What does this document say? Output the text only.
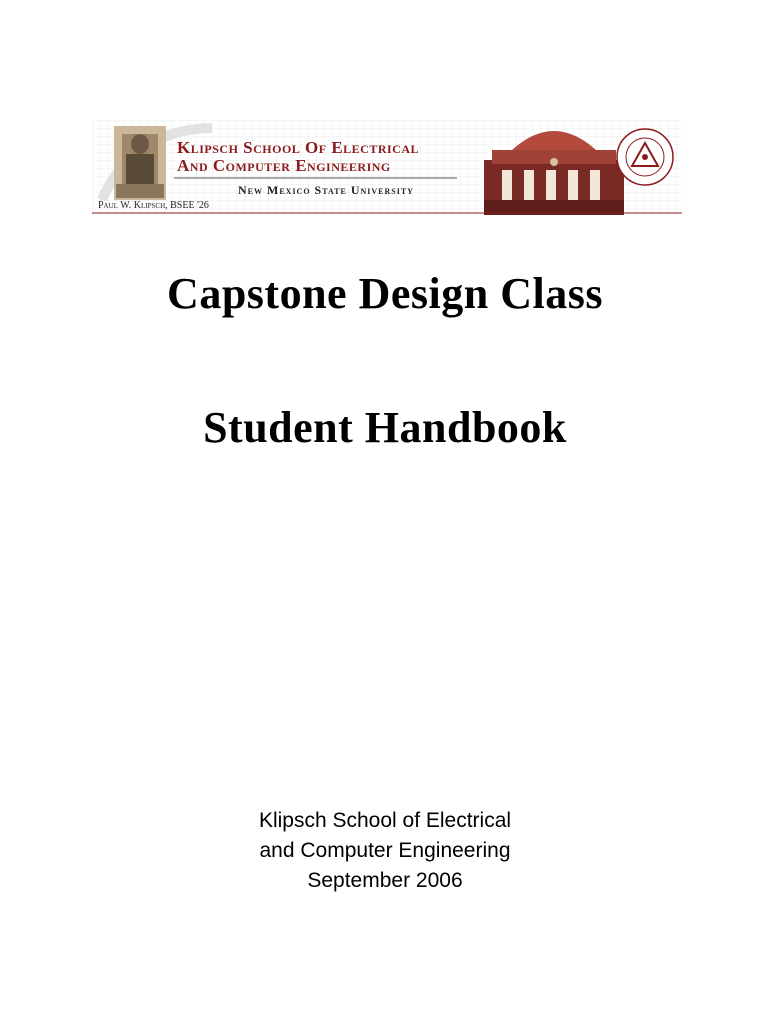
Klipsch School Of Electrical
And Computer Engineering
New Mexico State University
Paul W. Klipsch, BSEE '26
Capstone Design Class
Student Handbook
Klipsch School of Electrical
and Computer Engineering
September 2006
